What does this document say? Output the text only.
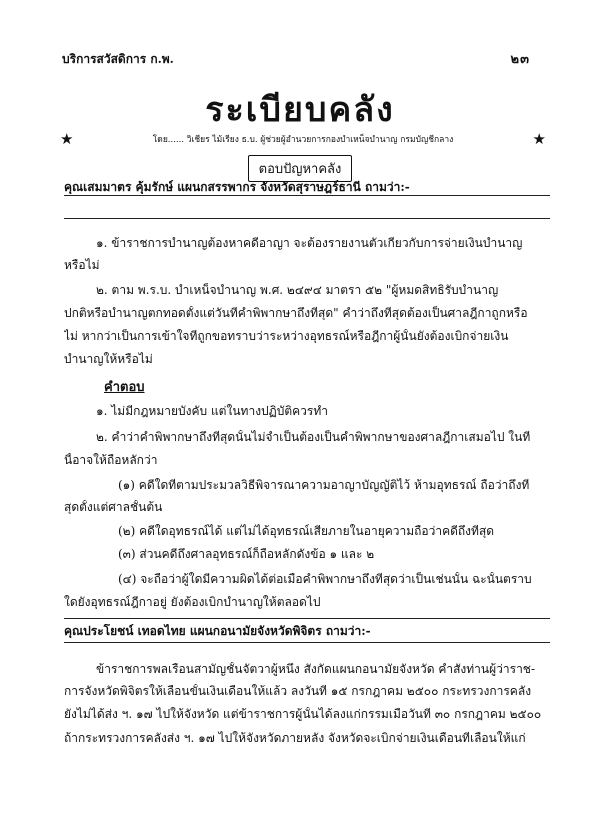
บริการสวัสดิการ ก.พ.	๒๓
ระเบียบคลัง
★	โดย...... วิเชียร ไม้เรียง ธ.บ. ผู้ช่วยผู้อำนวยการกองบำเหน็จบำนาญ กรมบัญชีกลาง	★
ตอบปัญหาคลัง
คุณเสมมาตร คุ้มรักษ์ แผนกสรรพากร จังหวัดสุราษฎร์ธานี ถามว่า:-
๑. ข้าราชการบำนาญต้องหาคดีอาญา จะต้องรายงานตัวเกี่ยวกับการจ่ายเงินบำนาญ
หรือไม่
๒. ตาม พ.ร.บ. บำเหน็จบำนาญ พ.ศ. ๒๔๙๔ มาตรา ๕๒ "ผู้หมดสิทธิรับบำนาญ
ปกติหรือบำนาญตกทอดตั้งแต่วันที่คำพิพากษาถึงที่สุด" คำว่าถึงที่สุดต้องเป็นศาลฎีกาถูกหรือ
ไม่ หากว่าเป็นการเข้าใจที่ถูกขอทราบว่าระหว่างอุทธรณ์หรือฎีกาผู้นั้นยังต้องเบิกจ่ายเงิน
บำนาญให้หรือไม่
คำตอบ
๑. ไม่มีกฎหมายบังคับ แต่ในทางปฏิบัติควรทำ
๒. คำว่าคำพิพากษาถึงที่สุดนั้นไม่จำเป็นต้องเป็นคำพิพากษาของศาลฎีกาเสมอไป ในที่
นี้อาจให้ถือหลักว่า
(๑) คดีใดที่ตามประมวลวิธีพิจารณาความอาญาบัญญัติไว้ ห้ามอุทธรณ์ ถือว่าถึงที่
สุดตั้งแต่ศาลชั้นต้น
(๒) คดีใดอุทธรณ์ได้ แต่ไม่ได้อุทธรณ์เสียภายในอายุความถือว่าคดีถึงที่สุด
(๓) ส่วนคดีถึงศาลอุทธรณ์ก็ถือหลักดังข้อ ๑ และ ๒
(๔) จะถือว่าผู้ใดมีความผิดได้ต่อเมื่อคำพิพากษาถึงที่สุดว่าเป็นเช่นนั้น ฉะนั้นตราบ
ใดยังอุทธรณ์ฎีกาอยู่ ยังต้องเบิกบำนาญให้ตลอดไป
คุณประโยชน์ เทอดไทย แผนกอนามัยจังหวัดพิจิตร ถามว่า:-
ข้าราชการพลเรือนสามัญชั้นจัตวาผู้หนึ่ง สังกัดแผนกอนามัยจังหวัด คำสั่งท่านผู้ว่าราช-
การจังหวัดพิจิตรให้เลื่อนขั้นเงินเดือนให้แล้ว ลงวันที่ ๑๕ กรกฎาคม ๒๕๐๐ กระทรวงการคลัง
ยังไม่ได้ส่ง ฯ. ๑๗ ไปให้จังหวัด แต่ข้าราชการผู้นั้นได้ลงแก่กรรมเมื่อวันที่ ๓๐ กรกฎาคม ๒๕๐๐
ถ้ากระทรวงการคลังส่ง ฯ. ๑๗ ไปให้จังหวัดภายหลัง จังหวัดจะเบิกจ่ายเงินเดือนที่เลื่อนให้แก่
